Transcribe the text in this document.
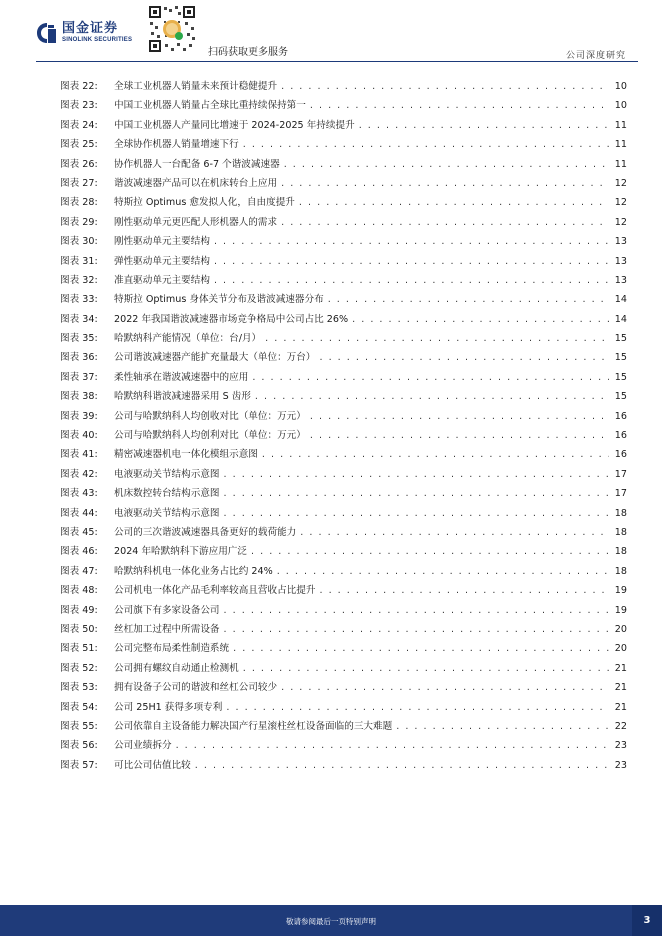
国金证券
SINOLINK SECURITIES
扫码获取更多服务	公司深度研究
图表 22:	全球工业机器人销量未来预计稳健提升 . . .	10
图表 23:	中国工业机器人销量占全球比重持续保持第一 . . .	10
图表 24:	中国工业机器人产量同比增速于 2024-2025 年持续提升 . . .	11
图表 25:	全球协作机器人销量增速下行 . . .	11
图表 26:	协作机器人一台配备 6-7 个谐波减速器 . . .	11
图表 27:	谐波减速器产品可以在机床转台上应用 . . .	12
图表 28:	特斯拉 Optimus 愈发拟人化，自由度提升 . . .	12
图表 29:	刚性驱动单元更匹配人形机器人的需求 . . .	12
图表 30:	刚性驱动单元主要结构 . . .	13
图表 31:	弹性驱动单元主要结构 . . .	13
图表 32:	准直驱动单元主要结构 . . .	13
图表 33:	特斯拉 Optimus 身体关节分布及谐波减速器分布 . . .	14
图表 34:	2022 年我国谐波减速器市场竞争格局中公司占比 26% . . .	14
图表 35:	哈默纳科产能情况（单位：台/月） . . .	15
图表 36:	公司谐波减速器产能扩充量最大（单位：万台） . . .	15
图表 37:	柔性轴承在谐波减速器中的应用 . . .	15
图表 38:	哈默纳科谐波减速器采用 S 齿形 . . .	15
图表 39:	公司与哈默纳科人均创收对比（单位：万元） . . .	16
图表 40:	公司与哈默纳科人均创利对比（单位：万元） . . .	16
图表 41:	精密减速器机电一体化模组示意图 . . .	16
图表 42:	电液驱动关节结构示意图 . . .	17
图表 43:	机床数控转台结构示意图 . . .	17
图表 44:	电液驱动关节结构示意图 . . .	18
图表 45:	公司的三次谐波减速器具备更好的载荷能力 . . .	18
图表 46:	2024 年哈默纳科下游应用广泛 . . .	18
图表 47:	哈默纳科机电一体化业务占比约 24% . . .	18
图表 48:	公司机电一体化产品毛利率较高且营收占比提升 . . .	19
图表 49:	公司旗下有多家设备公司 . . .	19
图表 50:	丝杠加工过程中所需设备 . . .	20
图表 51:	公司完整布局柔性制造系统 . . .	20
图表 52:	公司拥有螺纹自动通止检测机 . . .	21
图表 53:	拥有设备子公司的谐波和丝杠公司较少 . . .	21
图表 54:	公司 25H1 获得多项专利 . . .	21
图表 55:	公司依靠自主设备能力解决国产行星滚柱丝杠设备面临的三大难题 . . .	22
图表 56:	公司业绩拆分 . . .	23
图表 57:	可比公司估值比较 . . .	23
敬请参阅最后一页特别声明	3
